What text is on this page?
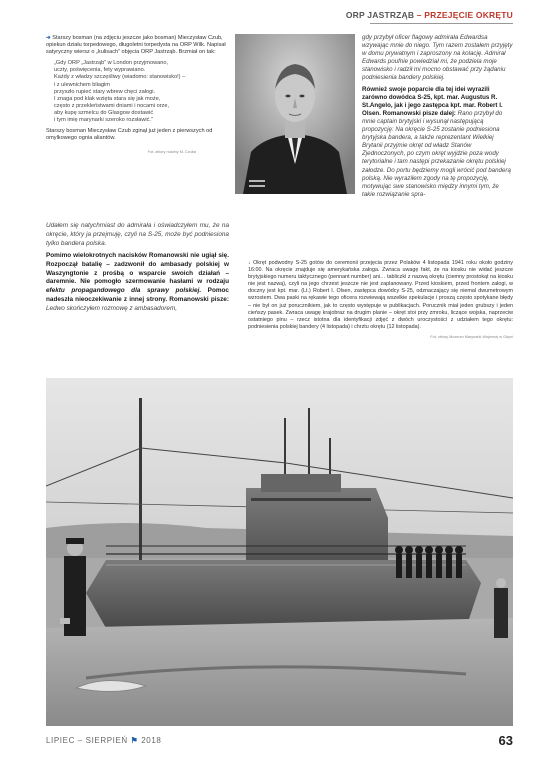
ORP JASTRZĄB – PRZEJĘCIE OKRĘTU
➔ Starszy bosman (na zdjęciu jeszcze jako bosman) Mieczysław Czub, opiekun działu torpedowego, długoletni torpedysta na ORP Wilk. Napisał satyryczny wiersz o „kulisach” objęcia ORP Jastrząb. Brzmiał on tak:
„Gdy ORP „Jastrząb” w London przyjmowano,
uczty, poświęcenia, fety wyprawiano.
Każdy z władzy szczęśliwy (wiadomo: stanowisko!) –
i z ulewnichem bliagim
przyszło rupieć stary wbrew chęci załogi.
I znaga pod klak wzięta stara się jak może,
często z przekleństwami dniami i nocami orze,
aby kupę szmelcu do Glasgow dostawić
i tym imię marynarki szeroko rozsławić.”
Starszy bosman Mieczysław Czub zginął już jeden z pierwszych od omylkowego ognia aliantów.
Fot. zbiory rodziny M. Czuba
gdy przybył oficer flagowy admirała Edwardsa wzywając mnie do niego. Tym razem zostałem przyjęty w domu prywatnym i zaproszony na kolację. Admirał Edwards poufnie powiedział mi, że podziela moje stanowisko i radził mi mocno obstawać przy żądaniu podniesienia bandery polskiej.
Również swoje poparcie dla tej idei wyrazili zarówno dowódca S-25, kpt. mar. Augustus R. St.Angelo, jak i jego zastępca kpt. mar. Robert I. Olsen. Romanowski pisze dalej: Rano przybył do mnie captain brytyjski i wysunął następującą propozycję: Na okręcie S-25 zostanie podniesiona brytyjska bandera, a także reprezentant Wielkiej Brytanii przyjmie okręt od władz Stanów Zjednoczonych, po czym okręt wyjdzie poza wody terytorialne i tam następi przekazanie okrętu polskiej załodze. Do portu będziemy mogli wrócić pod banderą polską. Nie wyraziłem zgody na tę propozycję, motywując swe stanowisko między innymi tym, że takie rozwiązanie spra-
Udałem się natychmiast do admirała i oświadczyłem mu, że na okręcie, który ja przejmuję, czyli na S-25, może być podniesiona tylko bandera polska.
Pomimo wielokrotnych nacisków Romanowski nie ugiął się. Rozpoczął batalię – zadzwonił do ambasady polskiej w Waszyngtonie z prośbą o wsparcie swoich działań – daremnie. Nie pomogło szermowanie hasłami w rodzaju efektu propagandowego dla sprawy polskiej. Pomoc nadeszła nieoczekiwanie z innej strony. Romanowski pisze: Ledwo skończyłem rozmowę z ambasadorem,
↓ Okręt podwodny S-25 gotów do ceremonii przejęcia przez Polaków 4 listopada 1941 roku około godziny 16:00. Na okręcie znajduje się amerykańska załoga. Zwraca uwagę fakt, że na kiosku nie widać jeszcze brytyjskiego numeru taktycznego (pennant number) ani… tabliczki z nazwą okrętu (ciemny prostokąt na kiosku nie jest nazwą), czyli na jego chrzest jeszcze nie jest zaplanowany. Przed kioskiem, przed frontem załogi, w doczny jest kpt. mar. (Lt.) Robert I. Olsen, zastępca dowódcy S-25, odznaczający się niemal dwumetrowym wzrostem. Dwa paski na rękawie tego oficera rozwiewają wszelkie spekulacje i proszą często spotykane błędy – nie był on już porucznikiem, jak to często występuje w publikacjach. Porucznik miał jeden grubszy i jeden cieńszy pasek. Zwraca uwagę krajobraz na drugim planie – okręt stoi przy zmroku, liczące wojska, naprzeciw ostatniego pinu – rzecz istotna dla identyfikacji zdjęć z dwóch uroczystości z udziałem tego okrętu: podniesienia polskiej bandery (4 listopada) i chrztu okrętu (12 listopada).
Fot. zbiory Muzeum Marynarki Wojennej w Gdyni
LIPIEC – SIERPIEŃ ⚑ 2018	63
